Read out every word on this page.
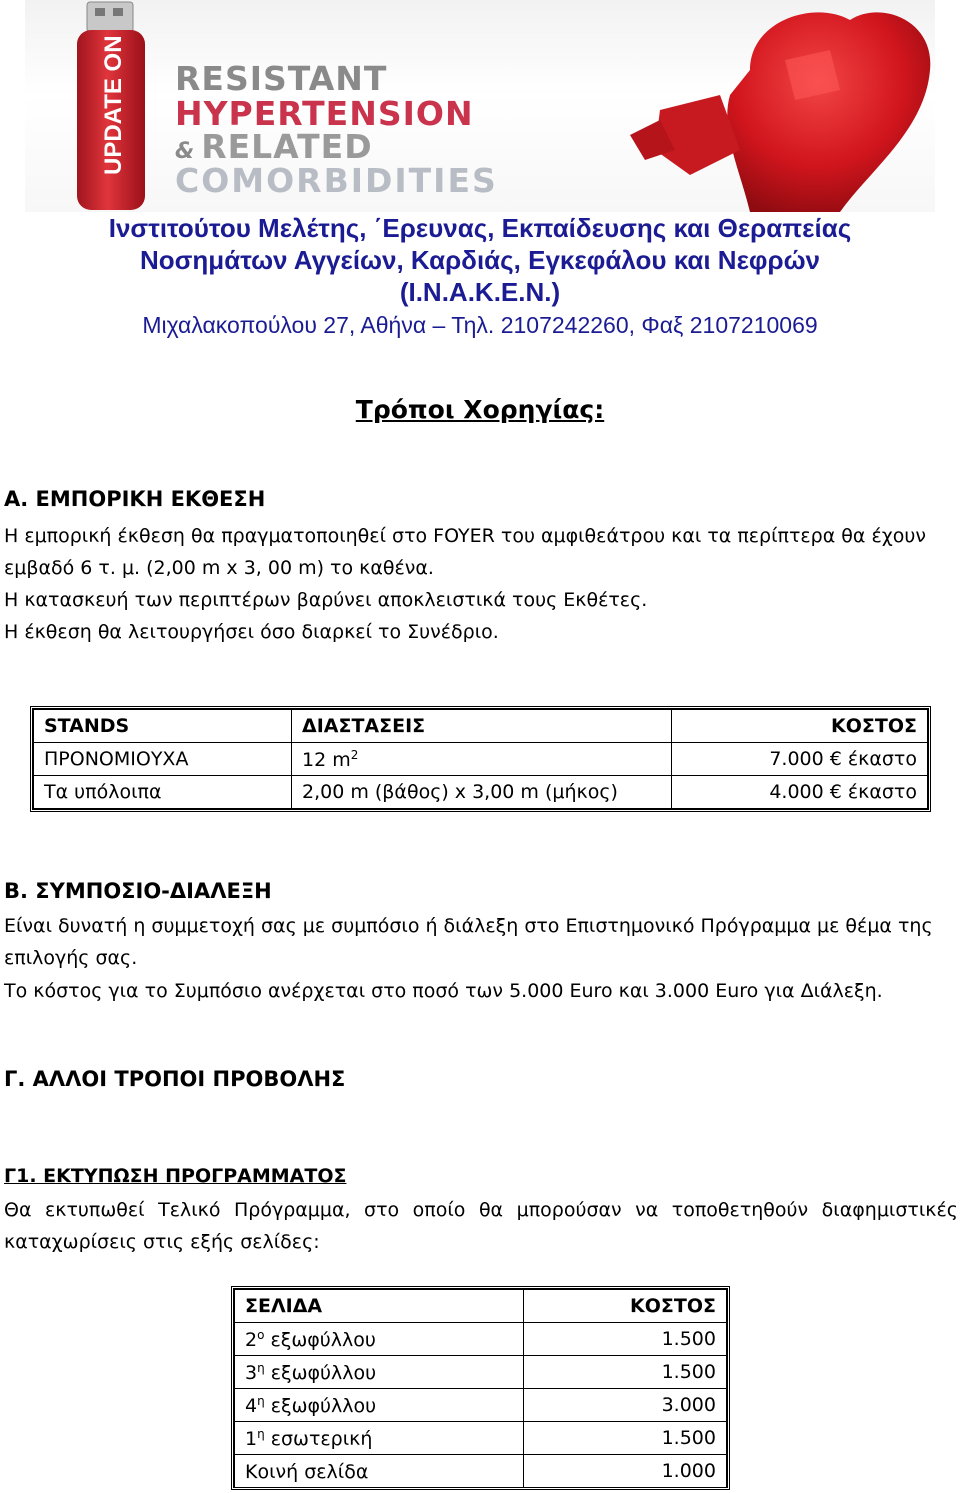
UPDATE ON RESISTANT
HYPERTENSION
& RELATED
COMORBIDITIES
Ινστιτούτου Μελέτης, ΄Ερευνας, Εκπαίδευσης και Θεραπείας
Νοσημάτων Αγγείων, Καρδιάς, Εγκεφάλου και Νεφρών
(Ι.Ν.Α.Κ.Ε.Ν.)
Μιχαλακοπούλου 27, Αθήνα – Τηλ. 2107242260, Φαξ 2107210069
Τρόποι Χορηγίας:
Α. ΕΜΠΟΡΙΚΗ ΕΚΘΕΣΗ
Η εμπορική έκθεση θα πραγματοποιηθεί στο FOYER του αμφιθεάτρου και τα περίπτερα θα έχουν
εμβαδό 6 τ. μ. (2,00 m x 3, 00 m) το καθένα.
Η κατασκευή των περιπτέρων βαρύνει αποκλειστικά τους Εκθέτες.
Η έκθεση θα λειτουργήσει όσο διαρκεί το Συνέδριο.
STANDS	ΔΙΑΣΤΑΣΕΙΣ	ΚΟΣΤΟΣ
ΠΡΟΝΟΜΙΟΥΧΑ	12 $m^2$	7.000 € έκαστο
Τα υπόλοιπα	2,00 m (βάθος) x 3,00 m (μήκος)	4.000 € έκαστο
Β. ΣΥΜΠΟΣΙΟ-ΔΙΑΛΕΞΗ
Είναι δυνατή η συμμετοχή σας με συμπόσιο ή διάλεξη στο Επιστημονικό Πρόγραμμα με θέμα της
επιλογής σας.
Το κόστος για το Συμπόσιο ανέρχεται στο ποσό των 5.000 Euro και 3.000 Euro για Διάλεξη.
Γ. ΑΛΛΟΙ ΤΡΟΠΟΙ ΠΡΟΒΟΛΗΣ
Γ1. ΕΚΤΥΠΩΣΗ ΠΡΟΓΡΑΜΜΑΤΟΣ
Θα εκτυπωθεί Τελικό Πρόγραμμα, στο οποίο θα μπορούσαν να τοποθετηθούν διαφημιστικές
καταχωρίσεις στις εξής σελίδες:
ΣΕΛΙΔΑ	ΚΟΣΤΟΣ
2$^o$ εξωφύλλου	1.500
$3^\eta$ εξωφύλλου	1.500
$4^\eta$ εξωφύλλου	3.000
$1^\eta$ εσωτερική	1.500
Κοινή σελίδα	1.000
